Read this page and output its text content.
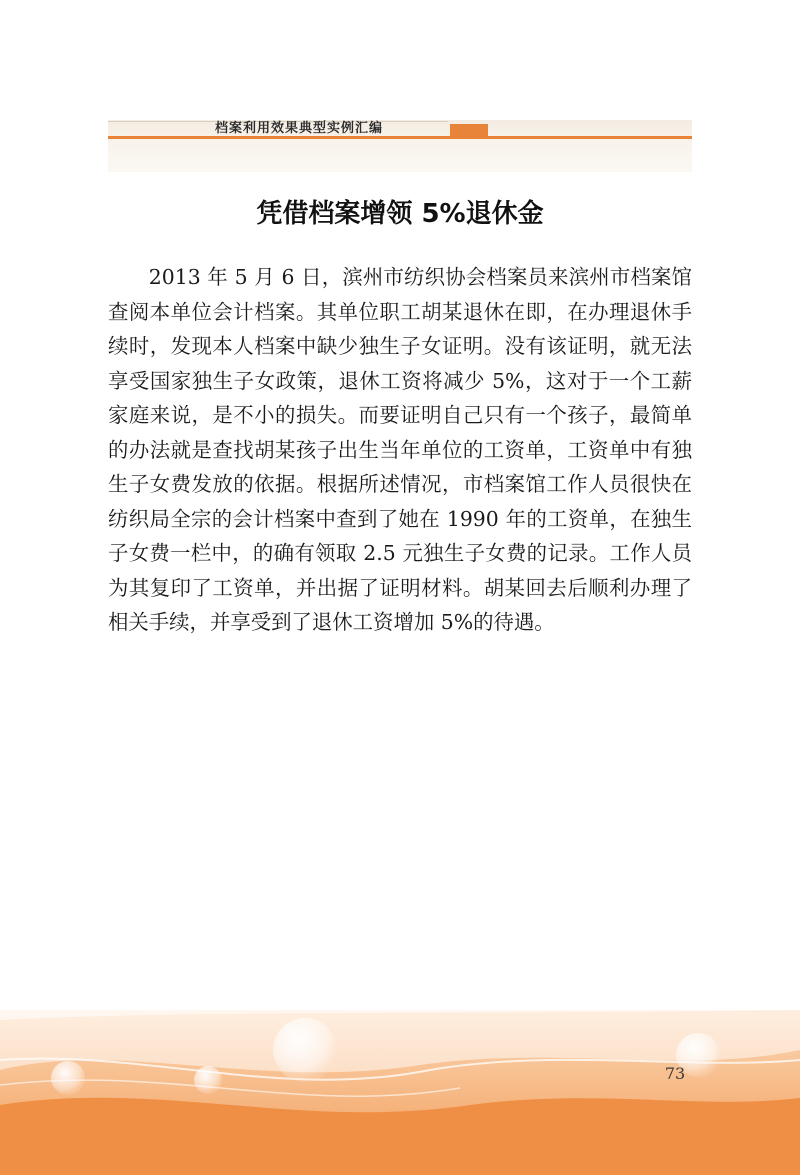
档案利用效果典型实例汇编
凭借档案增领 5%退休金

2013 年 5 月 6 日，滨州市纺织协会档案员来滨州市档案馆查阅本单位会计档案。其单位职工胡某退休在即，在办理退休手续时，发现本人档案中缺少独生子女证明。没有该证明，就无法享受国家独生子女政策，退休工资将减少 5%，这对于一个工薪家庭来说，是不小的损失。而要证明自己只有一个孩子，最简单的办法就是查找胡某孩子出生当年单位的工资单，工资单中有独生子女费发放的依据。根据所述情况，市档案馆工作人员很快在纺织局全宗的会计档案中查到了她在 1990 年的工资单，在独生子女费一栏中，的确有领取 2.5 元独生子女费的记录。工作人员为其复印了工资单，并出据了证明材料。胡某回去后顺利办理了相关手续，并享受到了退休工资增加 5%的待遇。

73
